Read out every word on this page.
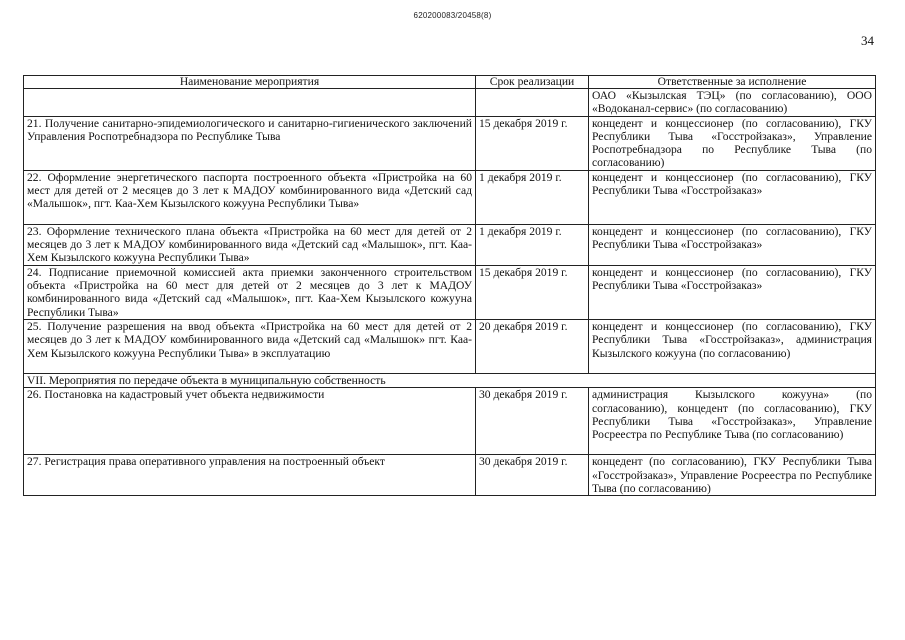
620200083/20458(8)
34
Наименование мероприятия	Срок реализации	Ответственные за исполнение
		ОАО «Кызылская ТЭЦ» (по согласованию), ООО «Водоканал-сервис» (по согласованию)
21. Получение санитарно-эпидемиологического и санитарно-гигиенического заключений Управления Роспотребнадзора по Республике Тыва	15 декабря 2019 г.	концедент и концессионер (по согласованию), ГКУ Республики Тыва «Госстройзаказ», Управление Роспотребнадзора по Республике Тыва (по согласованию)
22. Оформление энергетического паспорта построенного объекта «Пристройка на 60 мест для детей от 2 месяцев до 3 лет к МАДОУ комбинированного вида «Детский сад «Малышок», пгт. Каа-Хем Кызылского кожууна Республики Тыва»	1 декабря 2019 г.	концедент и концессионер (по согласованию), ГКУ Республики Тыва «Госстройзаказ»
23. Оформление технического плана объекта «Пристройка на 60 мест для детей от 2 месяцев до 3 лет к МАДОУ комбинированного вида «Детский сад «Малышок», пгт. Каа-Хем Кызылского кожууна Республики Тыва»	1 декабря 2019 г.	концедент и концессионер (по согласованию), ГКУ Республики Тыва «Госстройзаказ»
24. Подписание приемочной комиссией акта приемки законченного строительством объекта «Пристройка на 60 мест для детей от 2 месяцев до 3 лет к МАДОУ комбинированного вида «Детский сад «Малышок», пгт. Каа-Хем Кызылского кожууна Республики Тыва»	15 декабря 2019 г.	концедент и концессионер (по согласованию), ГКУ Республики Тыва «Госстройзаказ»
25. Получение разрешения на ввод объекта «Пристройка на 60 мест для детей от 2 месяцев до 3 лет к МАДОУ комбинированного вида «Детский сад «Малышок» пгт. Каа-Хем Кызылского кожууна Республики Тыва» в эксплуатацию	20 декабря 2019 г.	концедент и концессионер (по согласованию), ГКУ Республики Тыва «Госстройзаказ», администрация Кызылского кожууна (по согласованию)
VII. Мероприятия по передаче объекта в муниципальную собственность		
26. Постановка на кадастровый учет объекта недвижимости	30 декабря 2019 г.	администрация Кызылского кожууна» (по согласованию), концедент (по согласованию), ГКУ Республики Тыва «Госстройзаказ», Управление Росреестра по Республике Тыва (по согласованию)
27. Регистрация права оперативного управления на построенный объект	30 декабря 2019 г.	концедент (по согласованию), ГКУ Республики Тыва «Госстройзаказ», Управление Росреестра по Республике Тыва (по согласованию)
